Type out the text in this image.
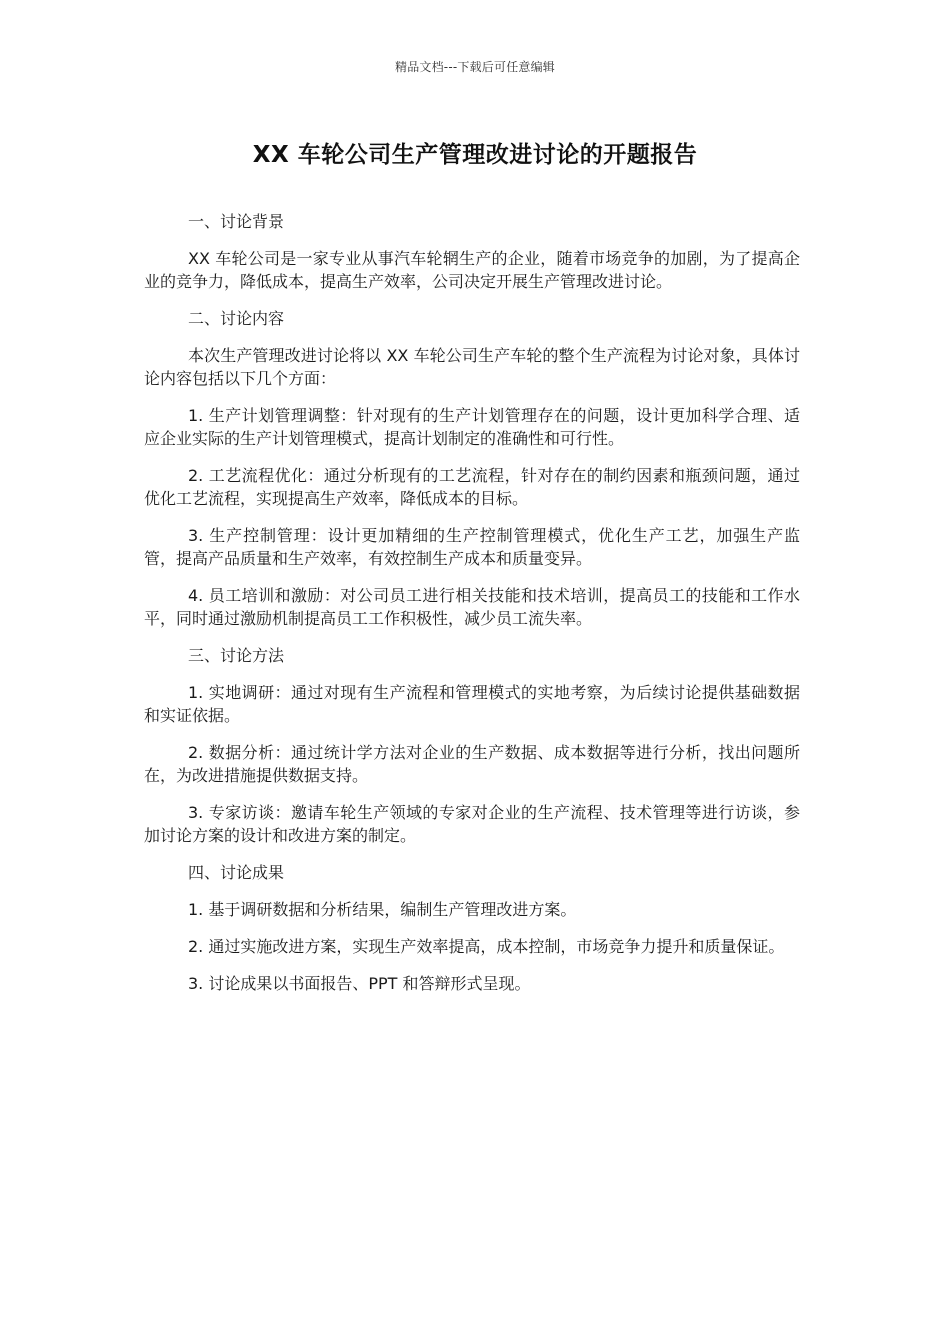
精品文档---下载后可任意编辑
XX 车轮公司生产管理改进讨论的开题报告

一、讨论背景

XX 车轮公司是一家专业从事汽车轮辋生产的企业，随着市场竞争的加剧，为了提高企业的竞争力，降低成本，提高生产效率，公司决定开展生产管理改进讨论。

二、讨论内容

本次生产管理改进讨论将以 XX 车轮公司生产车轮的整个生产流程为讨论对象，具体讨论内容包括以下几个方面：

1. 生产计划管理调整：针对现有的生产计划管理存在的问题，设计更加科学合理、适应企业实际的生产计划管理模式，提高计划制定的准确性和可行性。

2. 工艺流程优化：通过分析现有的工艺流程，针对存在的制约因素和瓶颈问题，通过优化工艺流程，实现提高生产效率，降低成本的目标。

3. 生产控制管理：设计更加精细的生产控制管理模式，优化生产工艺，加强生产监管，提高产品质量和生产效率，有效控制生产成本和质量变异。

4. 员工培训和激励：对公司员工进行相关技能和技术培训，提高员工的技能和工作水平，同时通过激励机制提高员工工作积极性，减少员工流失率。

三、讨论方法

1. 实地调研：通过对现有生产流程和管理模式的实地考察，为后续讨论提供基础数据和实证依据。

2. 数据分析：通过统计学方法对企业的生产数据、成本数据等进行分析，找出问题所在，为改进措施提供数据支持。

3. 专家访谈：邀请车轮生产领域的专家对企业的生产流程、技术管理等进行访谈，参加讨论方案的设计和改进方案的制定。

四、讨论成果

1. 基于调研数据和分析结果，编制生产管理改进方案。

2. 通过实施改进方案，实现生产效率提高，成本控制，市场竞争力提升和质量保证。

3. 讨论成果以书面报告、PPT 和答辩形式呈现。
